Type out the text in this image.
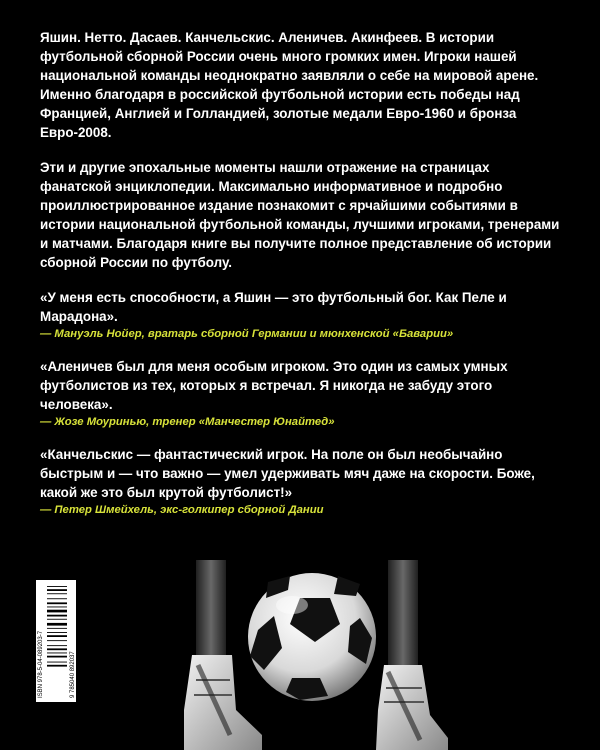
Яшин. Нетто. Дасаев. Канчельскис. Аленичев. Акинфеев. В истории футбольной сборной России очень много громких имен. Игроки нашей национальной команды неоднократно заявляли о себе на мировой арене. Именно благодаря в российской футбольной истории есть победы над Францией, Англией и Голландией, золотые медали Евро-1960 и бронза Евро-2008.

Эти и другие эпохальные моменты нашли отражение на страницах фанатской энциклопедии. Максимально информативное и подробно проиллюстрированное издание познакомит с ярчайшими событиями в истории национальной футбольной команды, лучшими игроками, тренерами и матчами. Благодаря книге вы получите полное представление об истории сборной России по футболу.

«У меня есть способности, а Яшин — это футбольный бог. Как Пеле и Марадона».

— Мануэль Нойер, вратарь сборной Германии и мюнхенской «Баварии»

«Аленичев был для меня особым игроком. Это один из самых умных футболистов из тех, которых я встречал. Я никогда не забуду этого человека».

— Жозе Моуринью, тренер «Манчестер Юнайтед»

«Канчельскис — фантастический игрок. На поле он был необычайно быстрым и — что важно — умел удерживать мяч даже на скорости. Боже, какой же это был крутой футболист!»

— Петер Шмейхель, экс-голкипер сборной Дании

ISBN 978-5-04-089203-7	9 785040 892037
